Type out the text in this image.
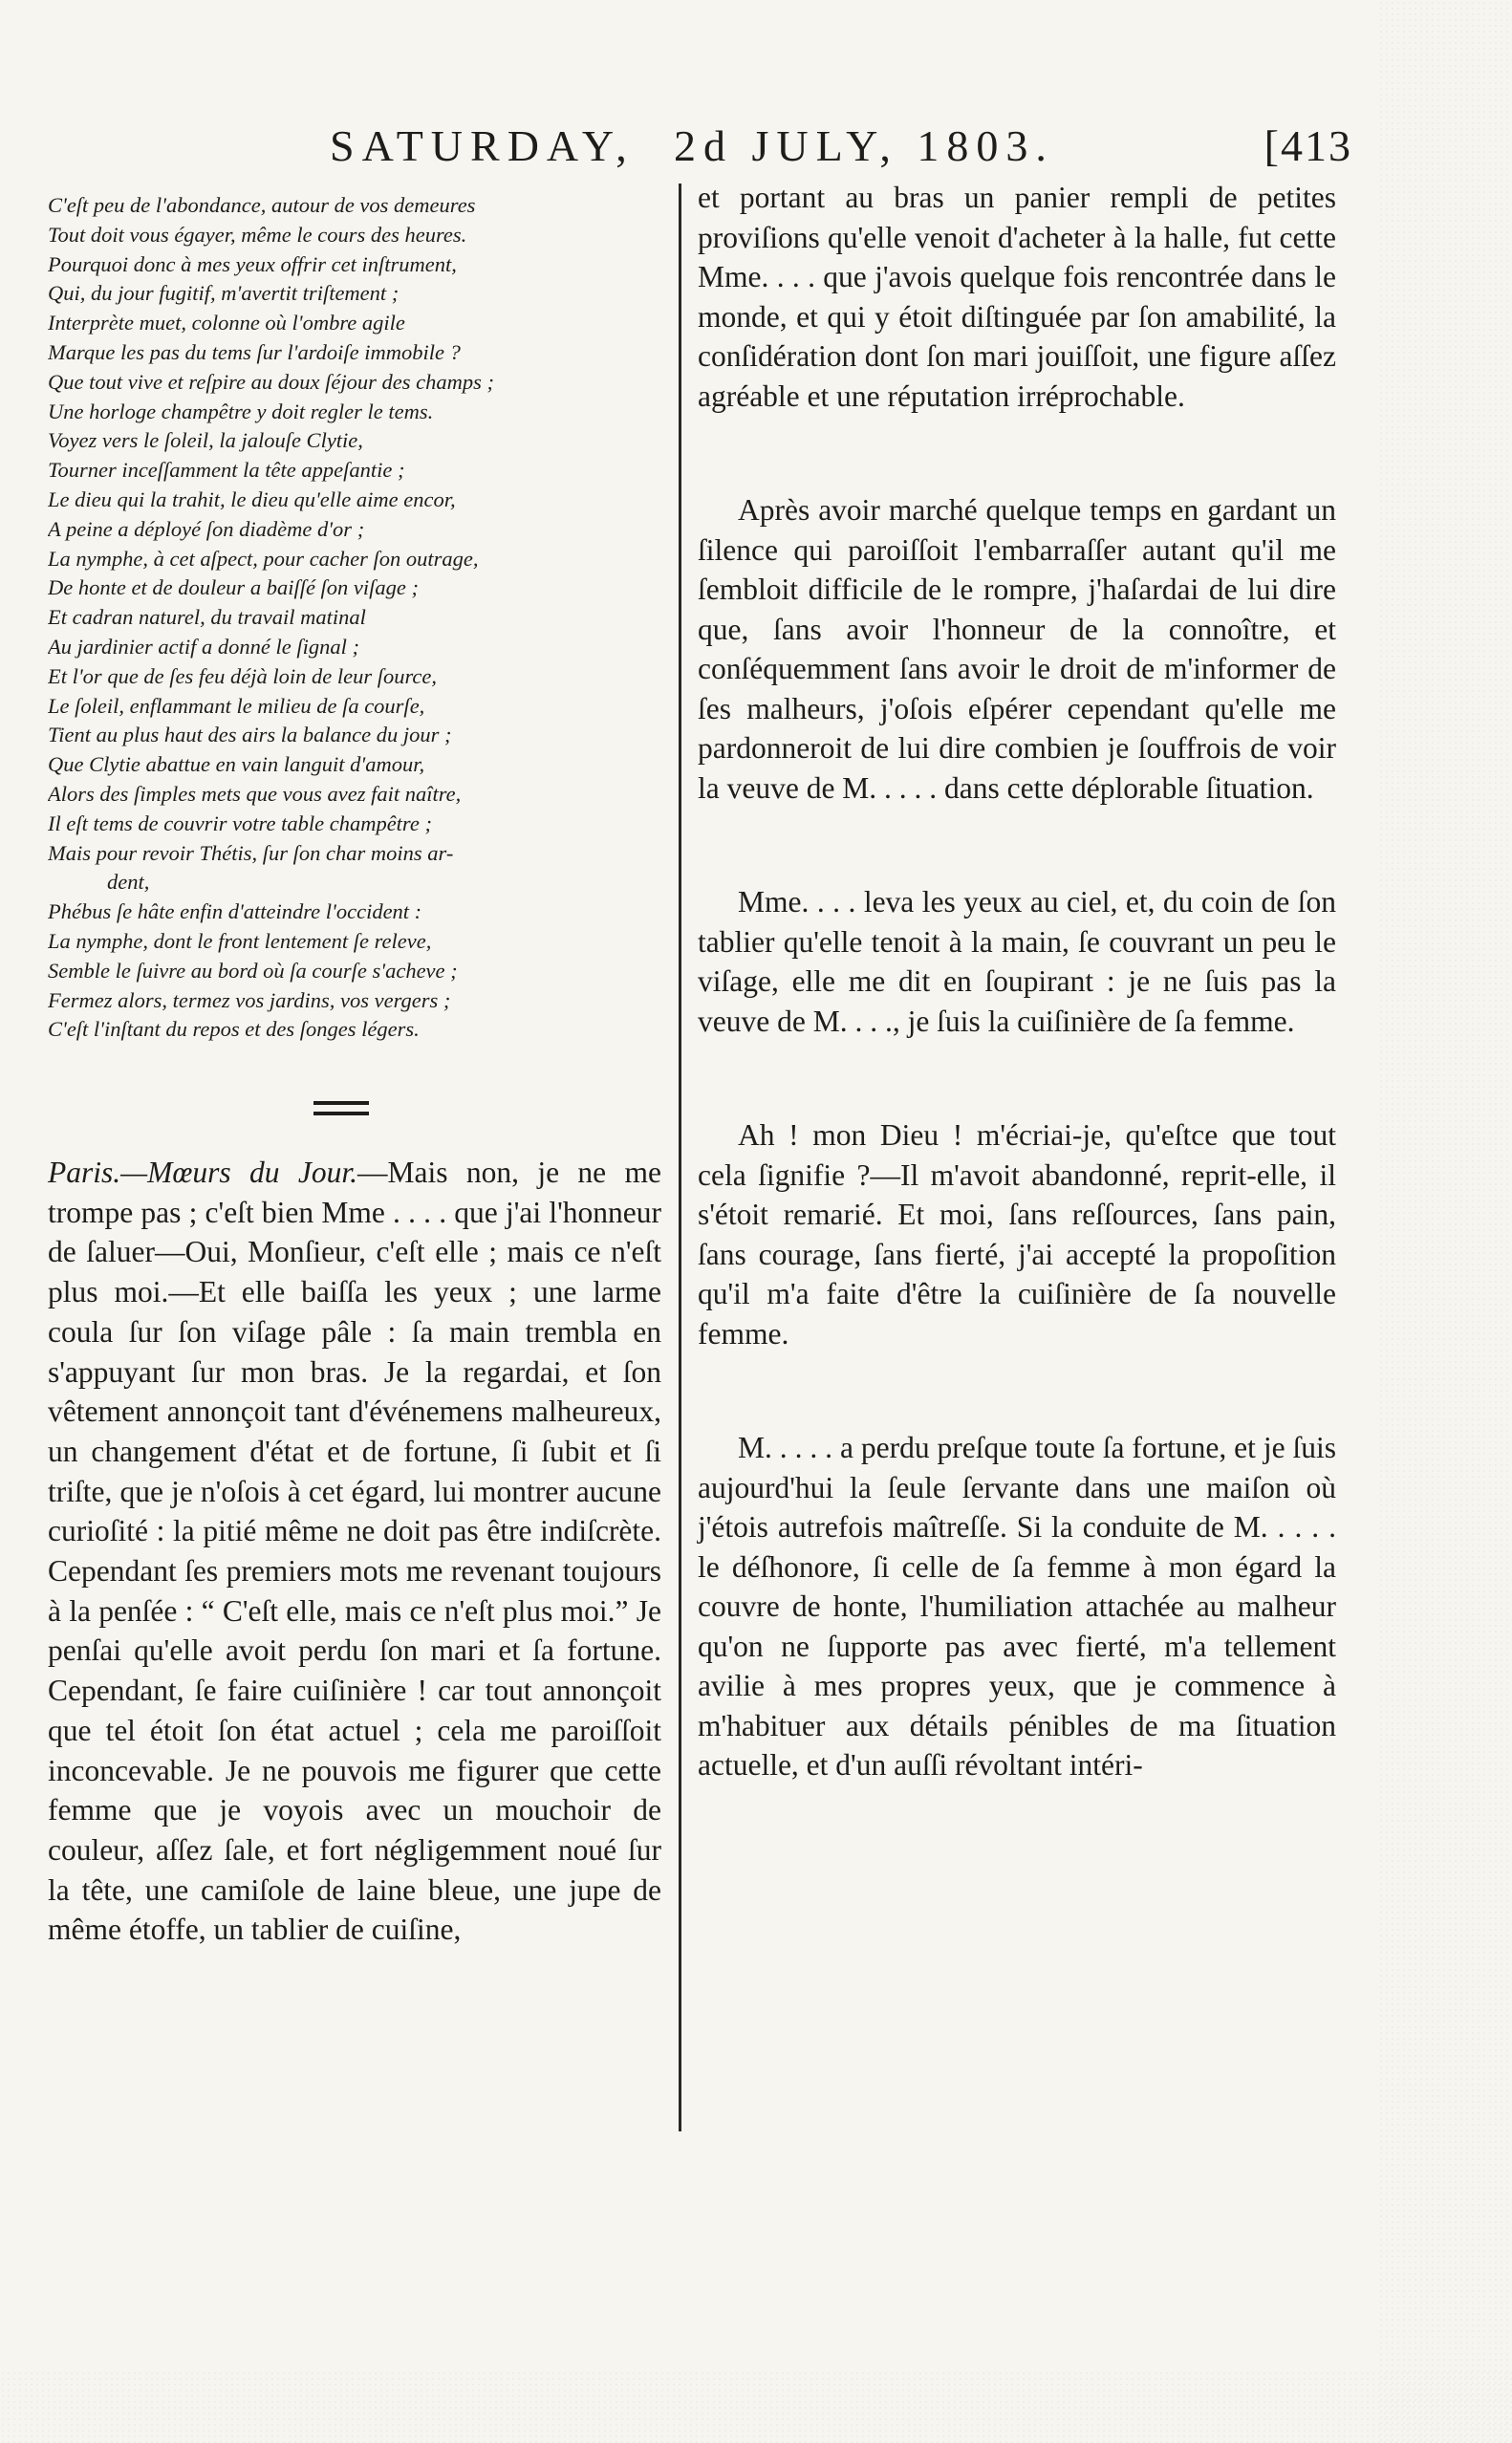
SATURDAY, 2d JULY, 1803.	[413
C'eſt peu de l'abondance, autour de vos demeures
Tout doit vous égayer, même le cours des heures.
Pourquoi donc à mes yeux offrir cet inſtrument,
Qui, du jour fugitif, m'avertit triſtement ;
Interprète muet, colonne où l'ombre agile
Marque les pas du tems ſur l'ardoiſe immobile ?
Que tout vive et reſpire au doux ſéjour des champs ;
Une horloge champêtre y doit regler le tems.
Voyez vers le ſoleil, la jalouſe Clytie,
Tourner inceſſamment la tête appeſantie ;
Le dieu qui la trahit, le dieu qu'elle aime encor,
A peine a déployé ſon diadème d'or ;
La nymphe, à cet aſpect, pour cacher ſon outrage,
De honte et de douleur a baiſſé ſon viſage ;
Et cadran naturel, du travail matinal
Au jardinier actif a donné le ſignal ;
Et l'or que de ſes feu déjà loin de leur ſource,
Le ſoleil, enflammant le milieu de ſa courſe,
Tient au plus haut des airs la balance du jour ;
Que Clytie abattue en vain languit d'amour,
Alors des ſimples mets que vous avez fait naître,
Il eſt tems de couvrir votre table champêtre ;
Mais pour revoir Thétis, ſur ſon char moins ar-
dent,
Phébus ſe hâte enfin d'atteindre l'occident :
La nymphe, dont le front lentement ſe releve,
Semble le ſuivre au bord où ſa courſe s'acheve ;
Fermez alors, termez vos jardins, vos vergers ;
C'eſt l'inſtant du repos et des ſonges légers.
Paris.—Mœurs du Jour.—Mais non, je ne me trompe pas ; c'eſt bien Mme . . . . que j'ai l'honneur de ſaluer—Oui, Monſieur, c'eſt elle ; mais ce n'eſt plus moi.—Et elle baiſſa les yeux ; une larme coula ſur ſon viſage pâle : ſa main trembla en s'appuyant ſur mon bras. Je la regardai, et ſon vêtement annonçoit tant d'événemens malheureux, un changement d'état et de fortune, ſi ſubit et ſi triſte, que je n'oſois à cet égard, lui montrer aucune curioſité : la pitié même ne doit pas être indiſcrète. Cependant ſes premiers mots me revenant toujours à la penſée : “ C'eſt elle, mais ce n'eſt plus moi.” Je penſai qu'elle avoit perdu ſon mari et ſa fortune. Cependant, ſe faire cuiſinière ! car tout annonçoit que tel étoit ſon état actuel ; cela me paroiſſoit inconcevable. Je ne pouvois me figurer que cette femme que je voyois avec un mouchoir de couleur, aſſez ſale, et fort négligemment noué ſur la tête, une camiſole de laine bleue, une jupe de même étoffe, un tablier de cuiſine,

et portant au bras un panier rempli de petites proviſions qu'elle venoit d'acheter à la halle, fut cette Mme. . . . que j'avois quelque fois rencontrée dans le monde, et qui y étoit diſtinguée par ſon amabilité, la conſidération dont ſon mari jouiſſoit, une figure aſſez agréable et une réputation irréprochable.

Après avoir marché quelque temps en gardant un ſilence qui paroiſſoit l'embarraſſer autant qu'il me ſembloit difficile de le rompre, j'haſardai de lui dire que, ſans avoir l'honneur de la connoître, et conſéquemment ſans avoir le droit de m'informer de ſes malheurs, j'oſois eſpérer cependant qu'elle me pardonneroit de lui dire combien je ſouffrois de voir la veuve de M. . . . . dans cette déplorable ſituation.

Mme. . . . leva les yeux au ciel, et, du coin de ſon tablier qu'elle tenoit à la main, ſe couvrant un peu le viſage, elle me dit en ſoupirant : je ne ſuis pas la veuve de M. . . ., je ſuis la cuiſinière de ſa femme.

Ah ! mon Dieu ! m'écriai-je, qu'eſtce que tout cela ſignifie ?—Il m'avoit abandonné, reprit-elle, il s'étoit remarié. Et moi, ſans reſſources, ſans pain, ſans courage, ſans fierté, j'ai accepté la propoſition qu'il m'a faite d'être la cuiſinière de ſa nouvelle femme.

M. . . . . a perdu preſque toute ſa fortune, et je ſuis aujourd'hui la ſeule ſervante dans une maiſon où j'étois autrefois maîtreſſe. Si la conduite de M. . . . . le déſhonore, ſi celle de ſa femme à mon égard la couvre de honte, l'humiliation attachée au malheur qu'on ne ſupporte pas avec fierté, m'a tellement avilie à mes propres yeux, que je commence à m'habituer aux détails pénibles de ma ſituation actuelle, et d'un auſſi révoltant intéri-
